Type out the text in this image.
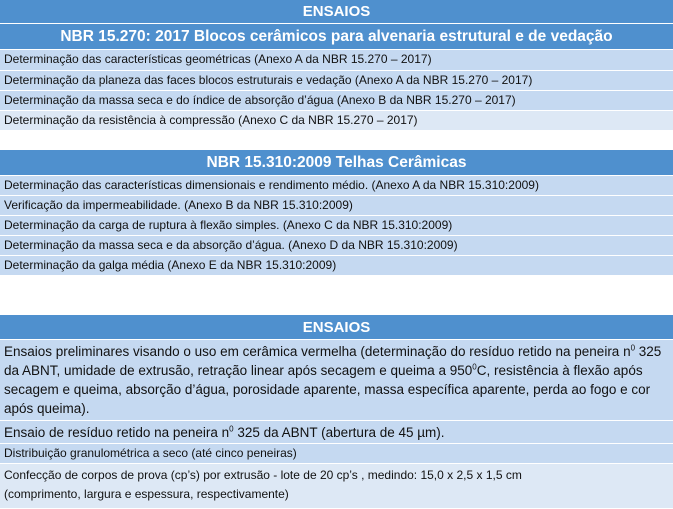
ENSAIOS
NBR 15.270: 2017 Blocos cerâmicos para alvenaria estrutural e de vedação
Determinação das características geométricas (Anexo A da NBR 15.270 – 2017)
Determinação da planeza das faces blocos estruturais e vedação (Anexo A da NBR 15.270 – 2017)
Determinação da massa seca e do índice de absorção d’água (Anexo B da NBR 15.270 – 2017)
Determinação da resistência à compressão (Anexo C da NBR 15.270 – 2017)
NBR 15.310:2009 Telhas Cerâmicas
Determinação das características dimensionais e rendimento médio. (Anexo A da NBR 15.310:2009)
Verificação da impermeabilidade. (Anexo B da NBR 15.310:2009)
Determinação da carga de ruptura à flexão simples. (Anexo C da NBR 15.310:2009)
Determinação da massa seca e da absorção d’água. (Anexo D da NBR 15.310:2009)
Determinação da galga média (Anexo E da NBR 15.310:2009)
ENSAIOS
Ensaios preliminares visando o uso em cerâmica vermelha (determinação do resíduo retido na peneira $n^0$ 325 da ABNT, umidade de extrusão, retração linear após secagem e queima a $950^0C$, resistência à flexão após secagem e queima, absorção d’água, porosidade aparente, massa específica aparente, perda ao fogo e cor após queima).
Ensaio de resíduo retido na peneira $n^0$ 325 da ABNT (abertura de 45 µm).
Distribuição granulométrica a seco (até cinco peneiras)
Confecção de corpos de prova (cp’s) por extrusão - lote de 20 cp’s , medindo: 15,0 x 2,5 x 1,5 cm
(comprimento, largura e espessura, respectivamente)
